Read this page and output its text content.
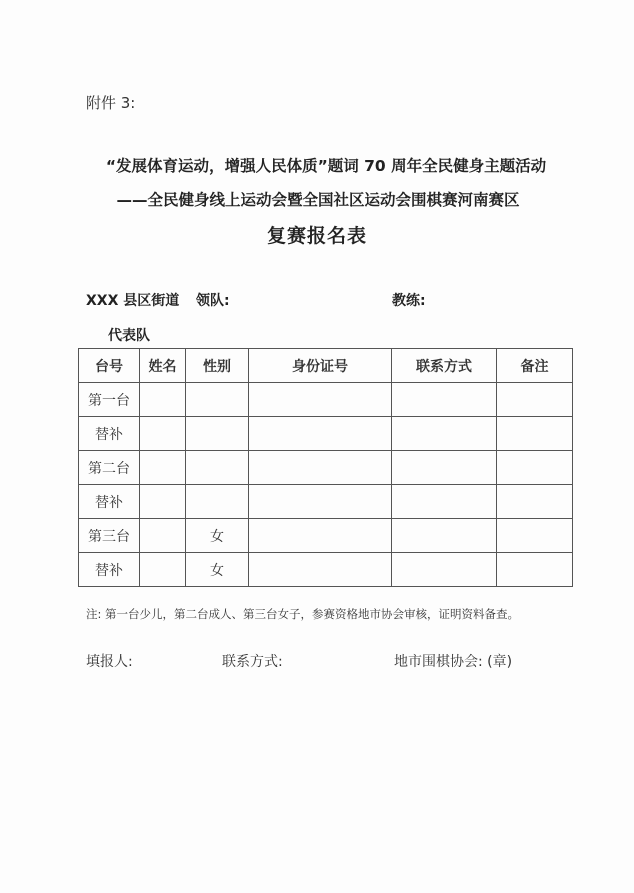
附件 3:
“发展体育运动，增强人民体质”题词 70 周年全民健身主题活动
——全民健身线上运动会暨全国社区运动会围棋赛河南赛区
复赛报名表
XXX 县区街道 领队:	教练:
代表队
台号	姓名	性别	身份证号	联系方式	备注
第一台					
替补					
第二台					
替补					
第三台		女			
替补		女			
注: 第一台少儿，第二台成人、第三台女子，参赛资格地市协会审核，证明资料备查。
填报人:	联系方式:	地市围棋协会: (章)
